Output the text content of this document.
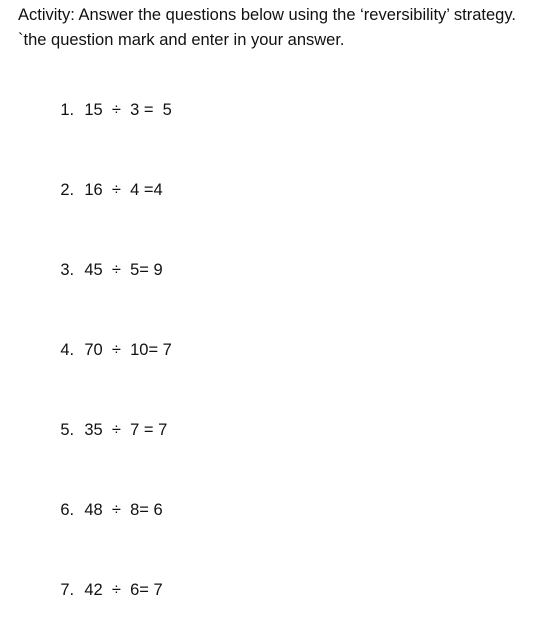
Activity: Answer the questions below using the ‘reversibility’ strategy.
`the question mark and enter in your answer.

1. 15  ÷  3 =  5

2. 16  ÷  4 =4

3. 45  ÷  5= 9

4. 70  ÷  10= 7

5. 35  ÷  7 = 7

6. 48  ÷  8= 6

7. 42  ÷  6= 7
